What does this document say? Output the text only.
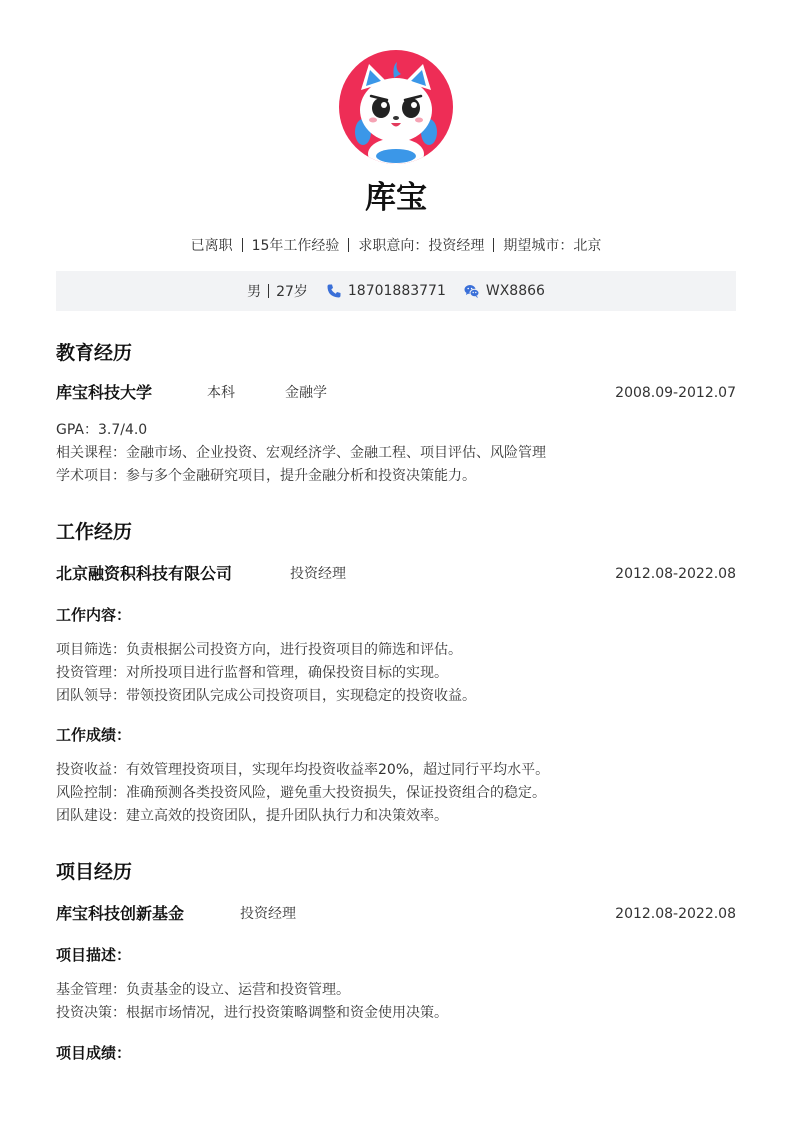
库宝
已离职 15年工作经验 求职意向：投资经理 期望城市：北京
男 27岁	18701883771	WX8866
教育经历
库宝科技大学	本科	金融学	2008.09-2012.07
GPA：3.7/4.0
相关课程：金融市场、企业投资、宏观经济学、金融工程、项目评估、风险管理
学术项目：参与多个金融研究项目，提升金融分析和投资决策能力。
工作经历
北京融资积科技有限公司	投资经理	2012.08-2022.08
工作内容：
项目筛选：负责根据公司投资方向，进行投资项目的筛选和评估。
投资管理：对所投项目进行监督和管理，确保投资目标的实现。
团队领导：带领投资团队完成公司投资项目，实现稳定的投资收益。
工作成绩：
投资收益：有效管理投资项目，实现年均投资收益率20%，超过同行平均水平。
风险控制：准确预测各类投资风险，避免重大投资损失，保证投资组合的稳定。
团队建设：建立高效的投资团队，提升团队执行力和决策效率。
项目经历
库宝科技创新基金	投资经理	2012.08-2022.08
项目描述：
基金管理：负责基金的设立、运营和投资管理。
投资决策：根据市场情况，进行投资策略调整和资金使用决策。
项目成绩：
